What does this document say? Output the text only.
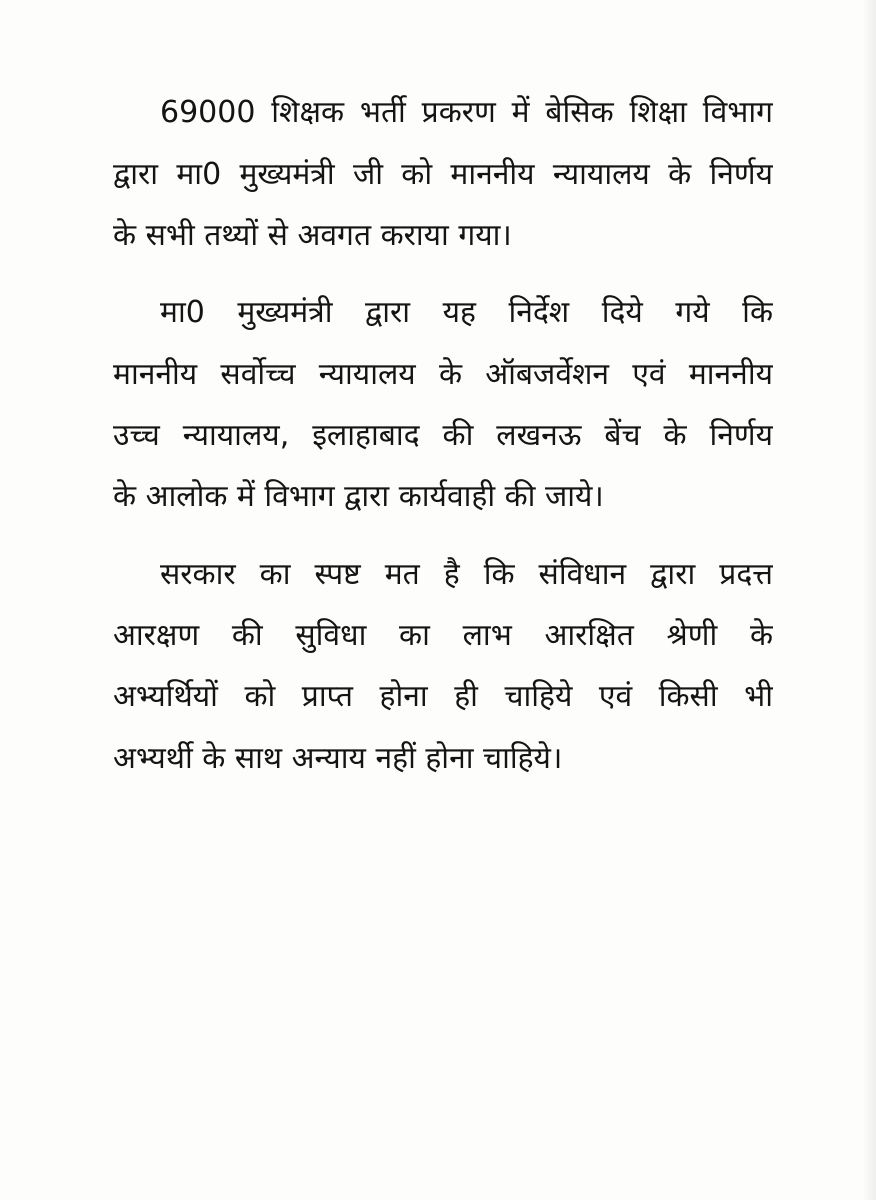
69000 शिक्षक भर्ती प्रकरण में बेसिक शिक्षा विभाग

द्वारा मा0 मुख्यमंत्री जी को माननीय न्यायालय के निर्णय

के सभी तथ्यों से अवगत कराया गया।

मा0 मुख्यमंत्री द्वारा यह निर्देश दिये गये कि

माननीय सर्वोच्च न्यायालय के ऑबजर्वेशन एवं माननीय

उच्च न्यायालय, इलाहाबाद की लखनऊ बेंच के निर्णय

के आलोक में विभाग द्वारा कार्यवाही की जाये।

सरकार का स्पष्ट मत है कि संविधान द्वारा प्रदत्त

आरक्षण की सुविधा का लाभ आरक्षित श्रेणी के

अभ्यर्थियों को प्राप्त होना ही चाहिये एवं किसी भी

अभ्यर्थी के साथ अन्याय नहीं होना चाहिये।
